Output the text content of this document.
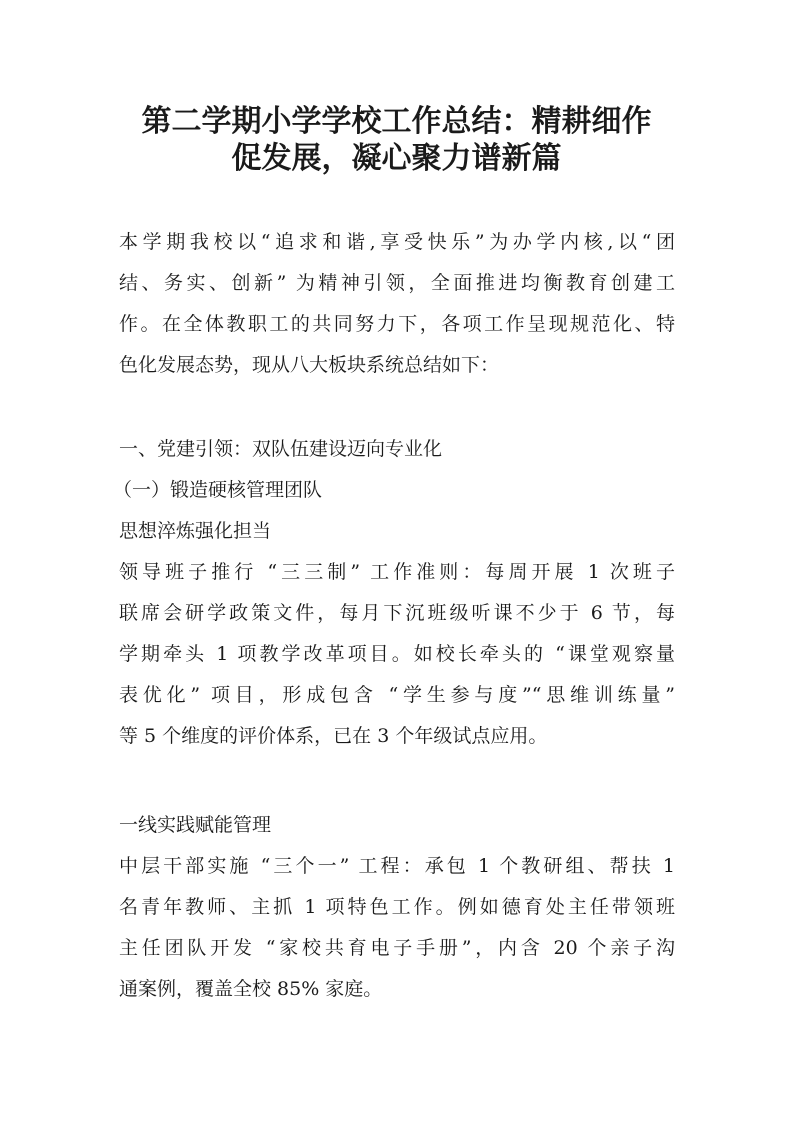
第二学期小学学校工作总结：精耕细作
促发展，凝心聚力谱新篇
本学期我校以“追求和谐,享受快乐”为办学内核,以“团
结、务实、创新” 为精神引领，全面推进均衡教育创建工
作。在全体教职工的共同努力下，各项工作呈现规范化、特
色化发展态势，现从八大板块系统总结如下：
一、党建引领：双队伍建设迈向专业化
（一）锻造硬核管理团队
思想淬炼强化担当
领导班子推行 “三三制” 工作准则：每周开展 1 次班子
联席会研学政策文件，每月下沉班级听课不少于 6 节，每
学期牵头 1 项教学改革项目。如校长牵头的 “课堂观察量
表优化” 项目，形成包含 “学生参与度”“思维训练量”
等 5 个维度的评价体系，已在 3 个年级试点应用。
一线实践赋能管理
中层干部实施 “三个一” 工程：承包 1 个教研组、帮扶 1
名青年教师、主抓 1 项特色工作。例如德育处主任带领班
主任团队开发 “家校共育电子手册”，内含 20 个亲子沟
通案例，覆盖全校 85% 家庭。
